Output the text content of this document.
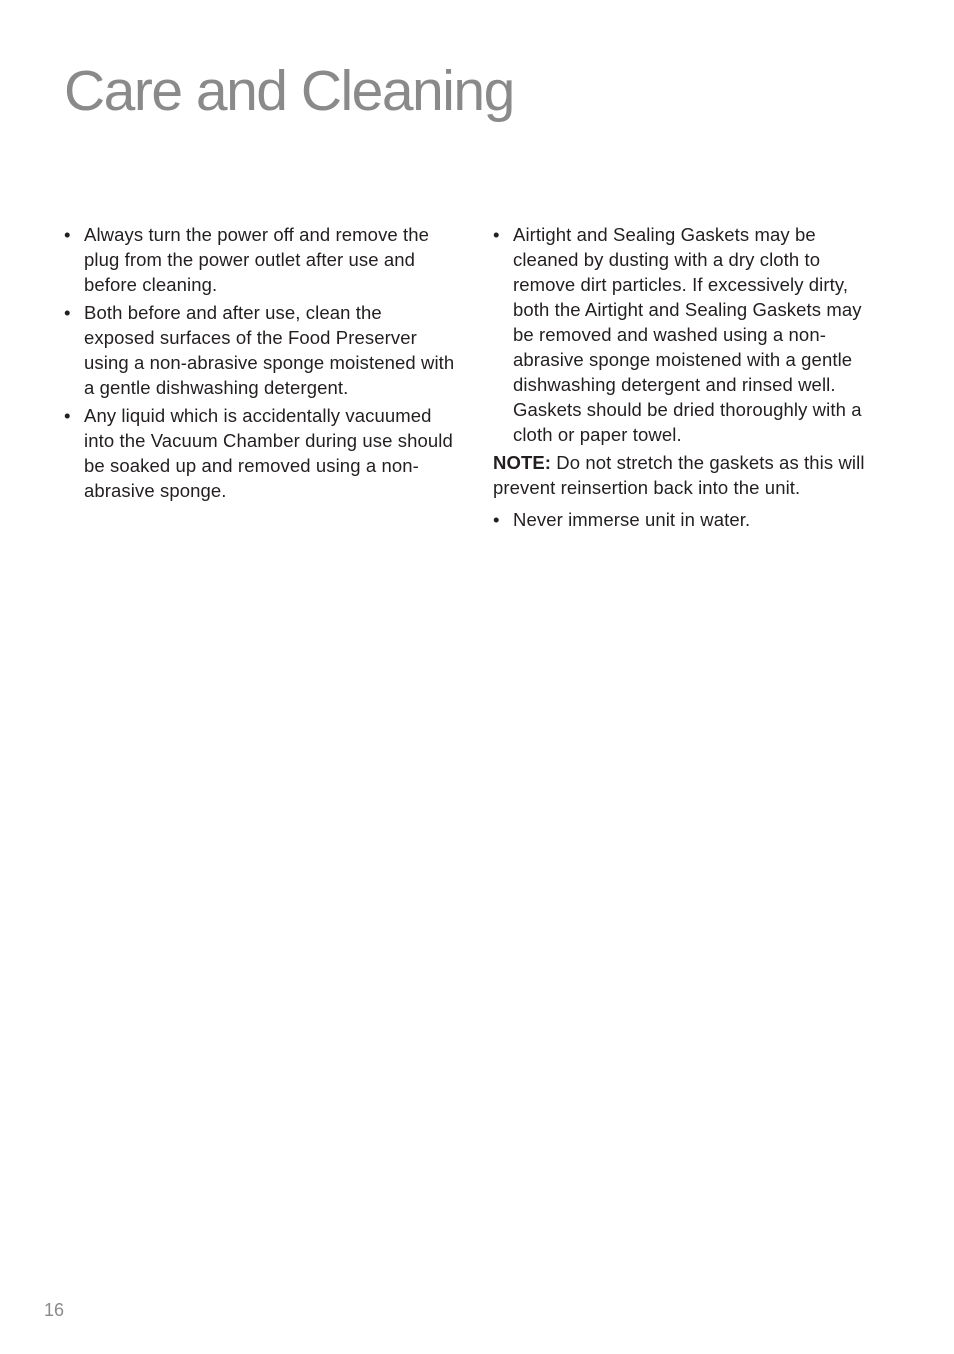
Care and Cleaning
• Always turn the power off and remove the plug from the power outlet after use and before cleaning.
• Both before and after use, clean the exposed surfaces of the Food Preserver using a non-abrasive sponge moistened with a gentle dishwashing detergent.
• Any liquid which is accidentally vacuumed into the Vacuum Chamber during use should be soaked up and removed using a non-abrasive sponge.
• Airtight and Sealing Gaskets may be cleaned by dusting with a dry cloth to remove dirt particles. If excessively dirty, both the Airtight and Sealing Gaskets may be removed and washed using a non-abrasive sponge moistened with a gentle dishwashing detergent and rinsed well. Gaskets should be dried thoroughly with a cloth or paper towel.

NOTE: Do not stretch the gaskets as this will prevent reinsertion back into the unit.

• Never immerse unit in water.
16
